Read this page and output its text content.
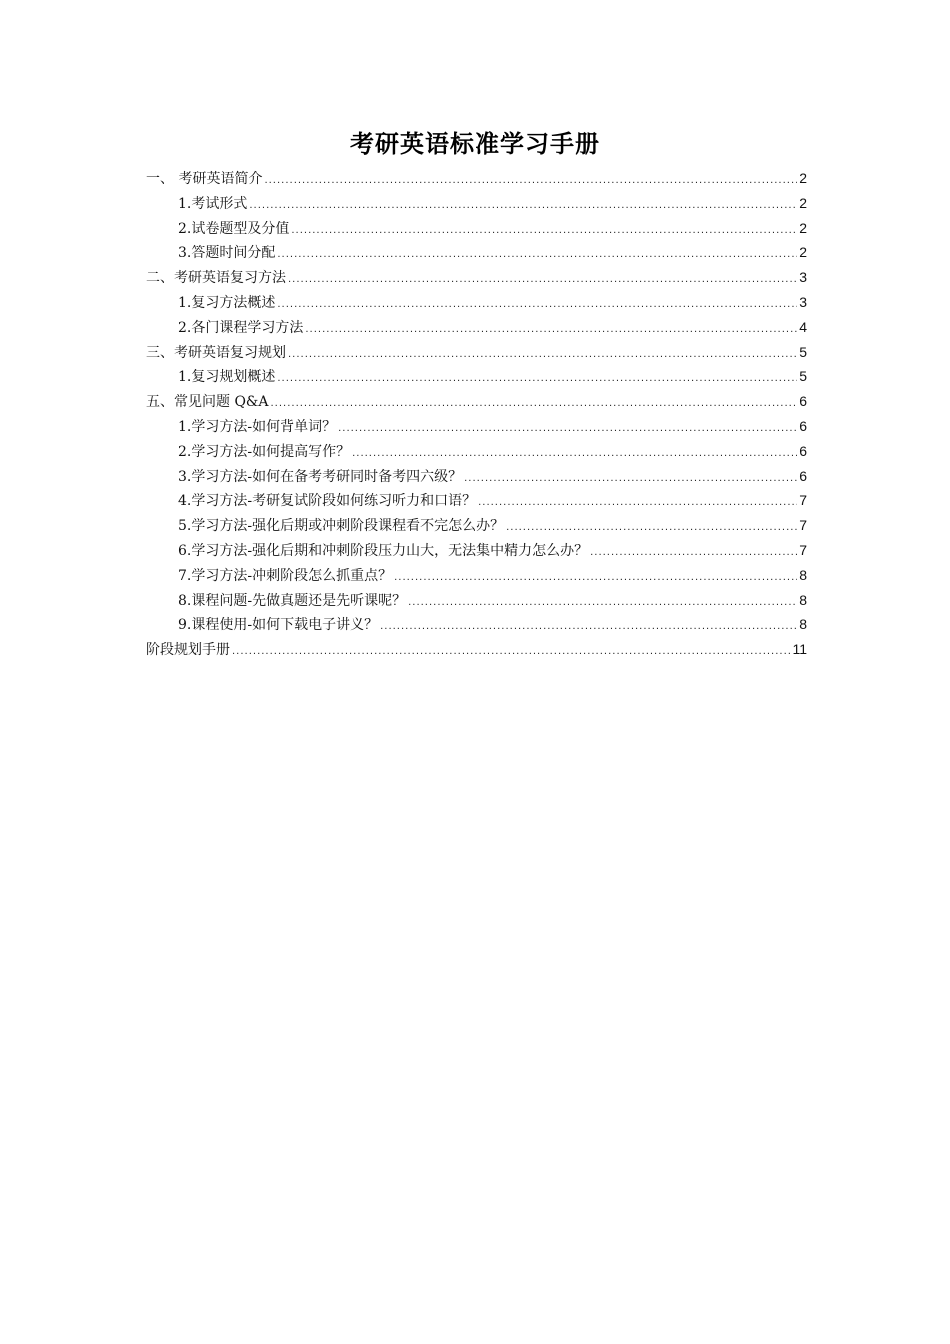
考研英语标准学习手册
一、 考研英语简介 .....	2
1.考试形式 .....	2
2.试卷题型及分值 .....	2
3.答题时间分配 .....	2
二、考研英语复习方法 .....	3
1.复习方法概述 .....	3
2.各门课程学习方法 .....	4
三、考研英语复习规划 .....	5
1.复习规划概述 .....	5
五、常见问题 Q&A .....	6
1.学习方法-如何背单词？ .....	6
2.学习方法-如何提高写作？ .....	6
3.学习方法-如何在备考考研同时备考四六级？ .....	6
4.学习方法-考研复试阶段如何练习听力和口语？ .....	7
5.学习方法-强化后期或冲刺阶段课程看不完怎么办？ .....	7
6.学习方法-强化后期和冲刺阶段压力山大，无法集中精力怎么办？ .....	7
7.学习方法-冲刺阶段怎么抓重点？ .....	8
8.课程问题-先做真题还是先听课呢？ .....	8
9.课程使用-如何下载电子讲义？ .....	8
阶段规划手册 .....	11
